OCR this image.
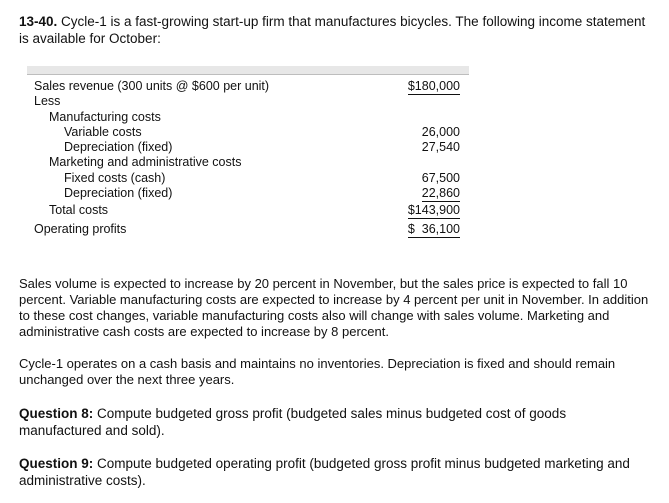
13-40. Cycle-1 is a fast-growing start-up firm that manufactures bicycles. The following income statement is available for October:
Sales revenue (300 units @ $600 per unit)	$180,000
Less
Manufacturing costs
Variable costs	26,000
Depreciation (fixed)	27,540
Marketing and administrative costs
Fixed costs (cash)	67,500
Depreciation (fixed)	22,860
Total costs	$143,900
Operating profits	$  36,100
Sales volume is expected to increase by 20 percent in November, but the sales price is expected to fall 10 percent. Variable manufacturing costs are expected to increase by 4 percent per unit in November. In addition to these cost changes, variable manufacturing costs also will change with sales volume. Marketing and administrative cash costs are expected to increase by 8 percent.
Cycle-1 operates on a cash basis and maintains no inventories. Depreciation is fixed and should remain unchanged over the next three years.
Question 8: Compute budgeted gross profit (budgeted sales minus budgeted cost of goods manufactured and sold).
Question 9: Compute budgeted operating profit (budgeted gross profit minus budgeted marketing and administrative costs).
